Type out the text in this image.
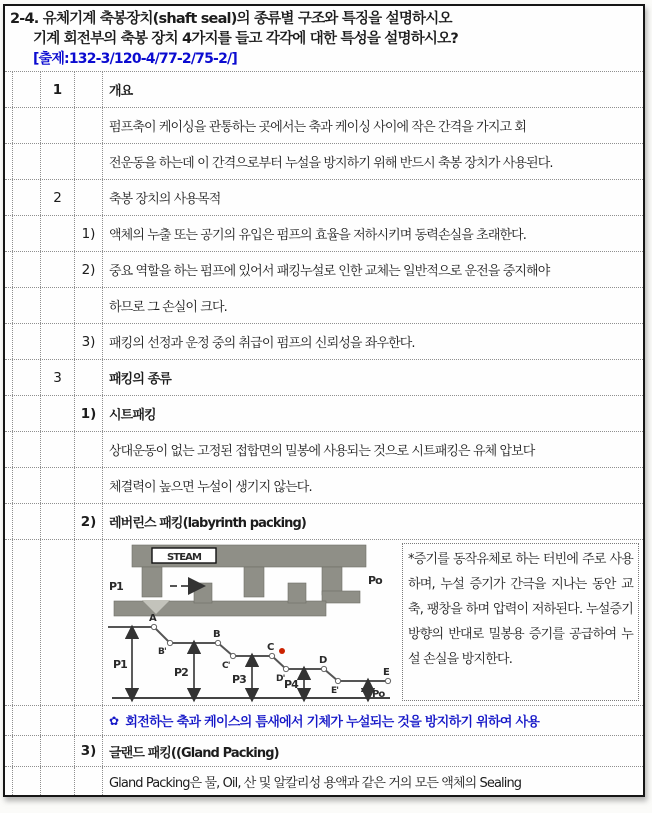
2-4. 유체기계 축봉장치(shaft seal)의 종류별 구조와 특징을 설명하시오
기계 회전부의 축봉 장치 4가지를 들고 각각에 대한 특성을 설명하시오?
[출제:132-3/120-4/77-2/75-2/]
1	개요
펌프축이 케이싱을 관통하는 곳에서는 축과 케이싱 사이에 작은 간격을 가지고 회
전운동을 하는데 이 간격으로부터 누설을 방지하기 위해 반드시 축봉 장치가 사용된다.
2	축봉 장치의 사용목적
1)	액체의 누출 또는 공기의 유입은 펌프의 효율을 저하시키며 동력손실을 초래한다.
2)	중요 역할을 하는 펌프에 있어서 패킹누설로 인한 교체는 일반적으로 운전을 중지해야
하므로 그 손실이 크다.
3)	패킹의 선정과 운정 중의 취급이 펌프의 신뢰성을 좌우한다.
3	패킹의 종류
1) 시트패킹
상대운동이 없는 고정된 접합면의 밀봉에 사용되는 것으로 시트패킹은 유체 압보다
체결력이 높으면 누설이 생기지 않는다.
2) 레버린스 패킹(labyrinth packing)
STEAM
P1	Po
A
B'
B
C'
C
D'
D
E'
E
P1
P2
P3	P4
Po
*증기를 동작유체로 하는 터빈에 주로 사용하며, 누설 증기가 간극을 지나는 동안 교축, 팽창을 하며 압력이 저하된다. 누설증기 방향의 반대로 밀봉용 증기를 공급하여 누설 손실을 방지한다.
✿ 회전하는 축과 케이스의 틈새에서 기체가 누설되는 것을 방지하기 위하여 사용
3) 글랜드 패킹((Gland Packing)
Gland Packing은 물, Oil, 산 및 알칼리성 용액과 같은 거의 모든 액체의 Sealing
